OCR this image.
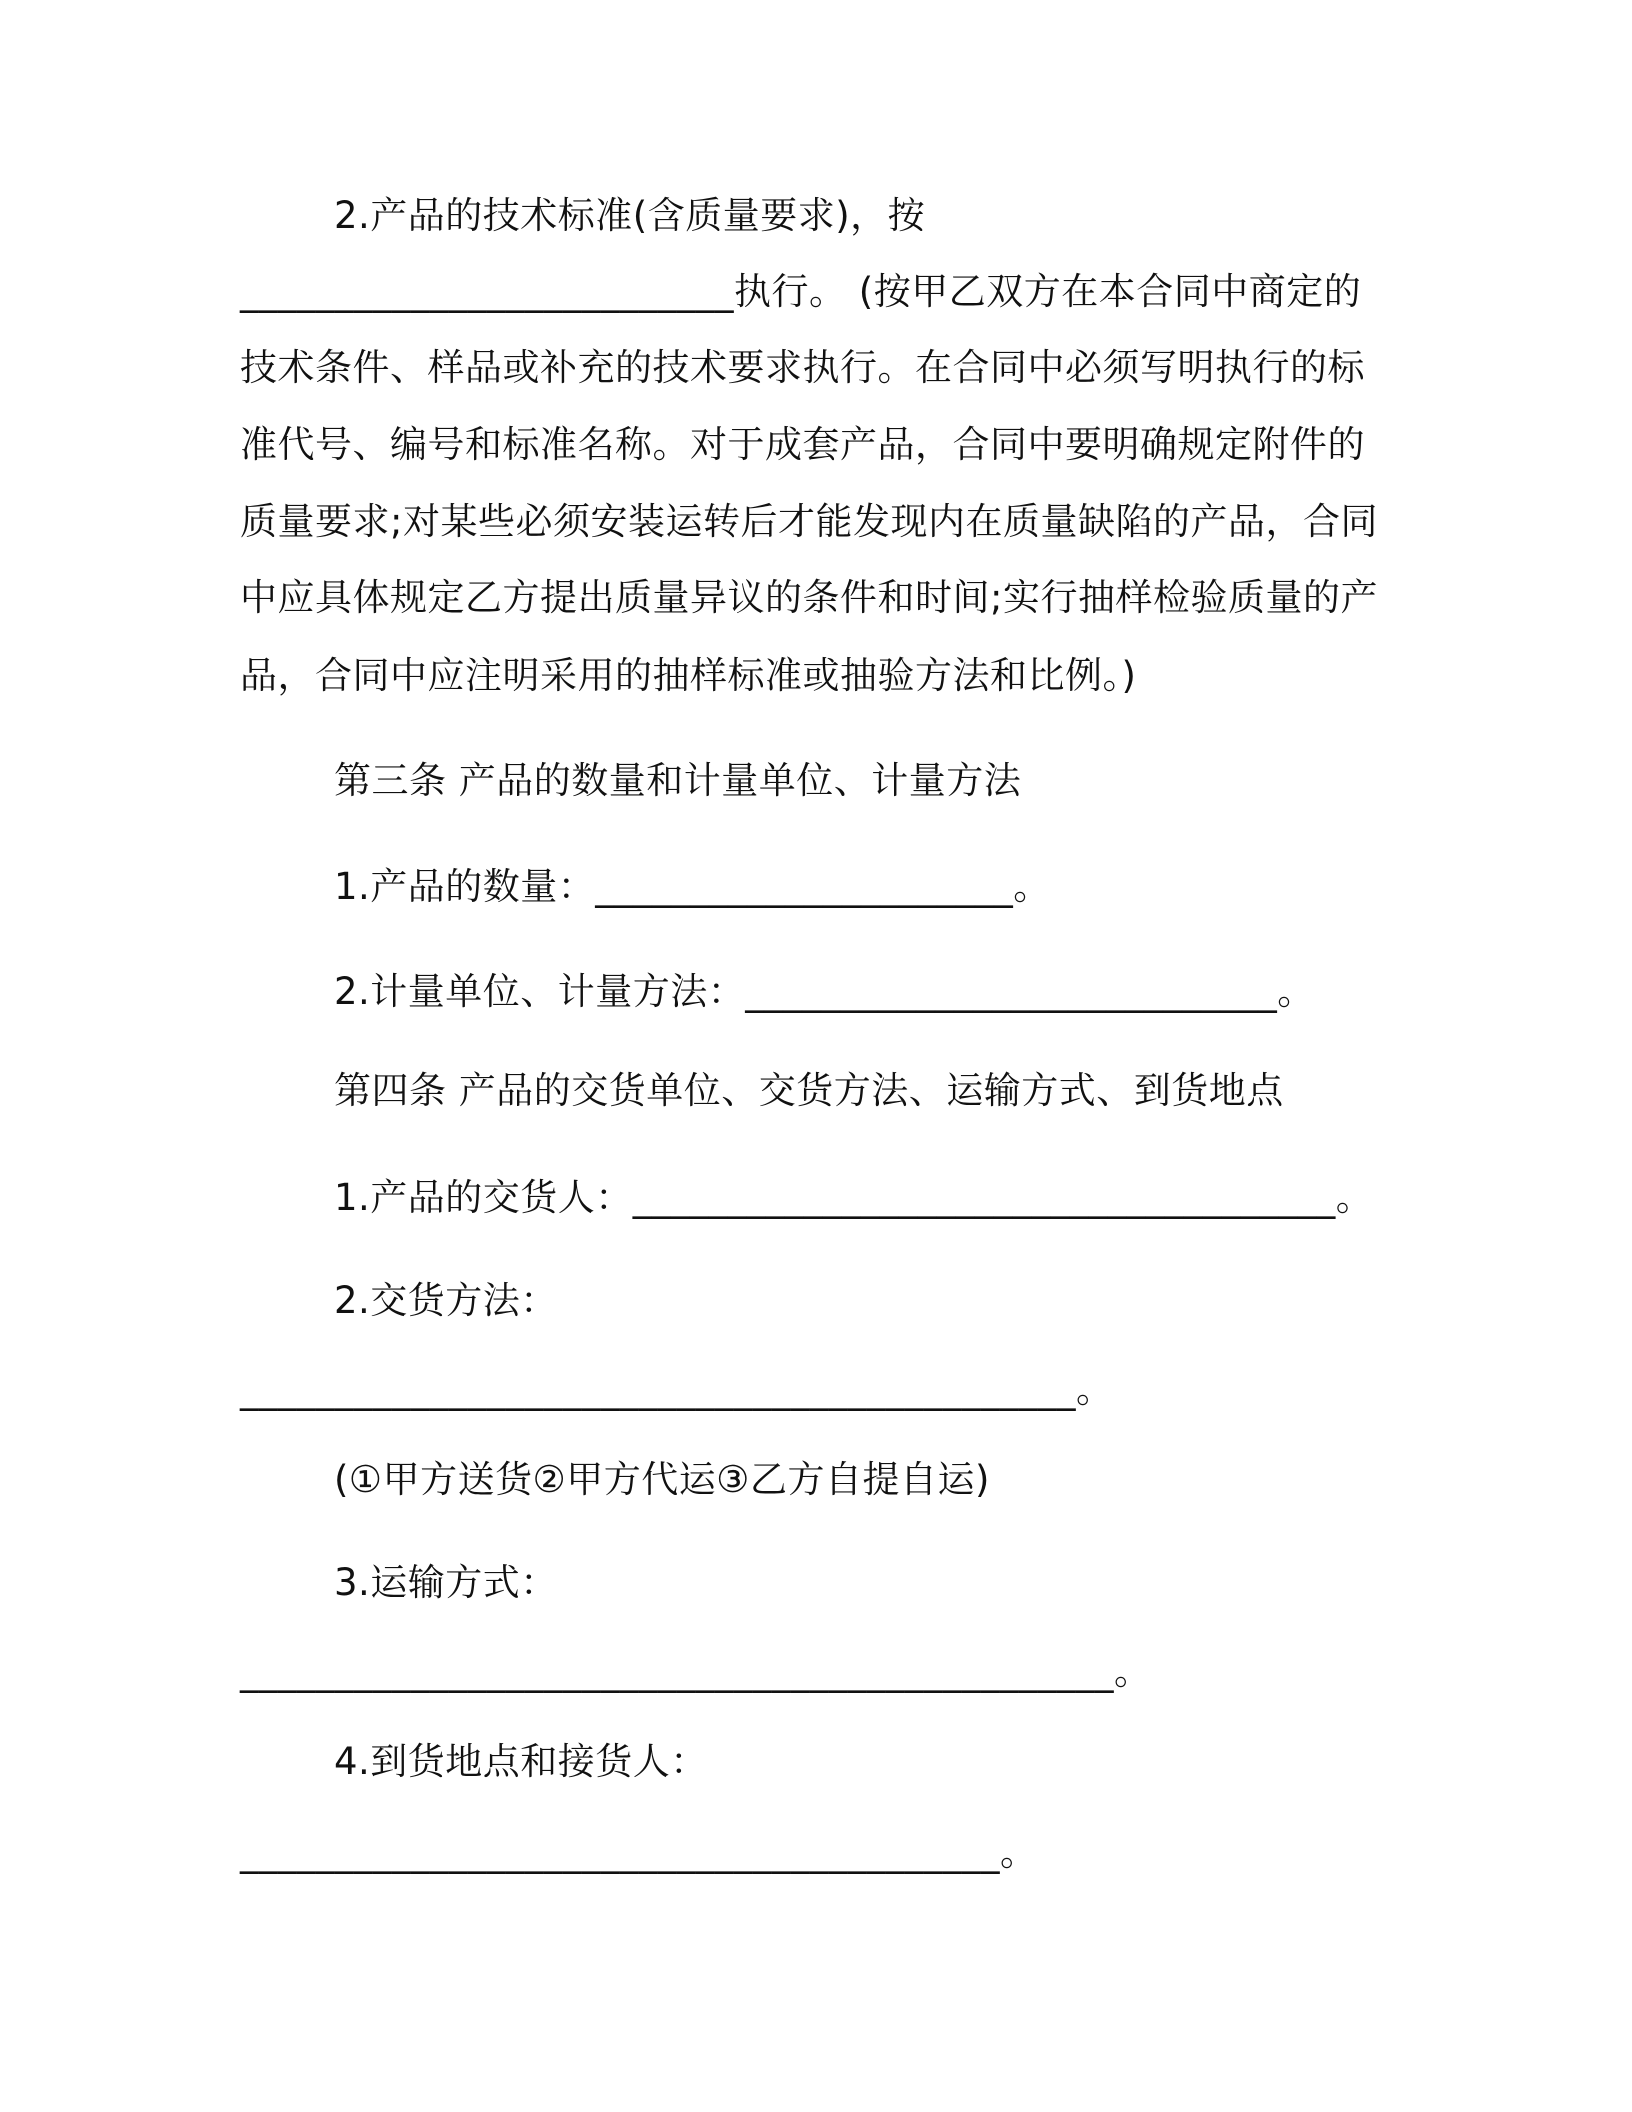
2.产品的技术标准(含质量要求)，按
__________________________执行。 (按甲乙双方在本合同中商定的
技术条件、样品或补充的技术要求执行。在合同中必须写明执行的标
准代号、编号和标准名称。对于成套产品，合同中要明确规定附件的
质量要求;对某些必须安装运转后才能发现内在质量缺陷的产品，合同
中应具体规定乙方提出质量异议的条件和时间;实行抽样检验质量的产
品，合同中应注明采用的抽样标准或抽验方法和比例。)
第三条 产品的数量和计量单位、计量方法
1.产品的数量：______________________。
2.计量单位、计量方法：____________________________。
第四条 产品的交货单位、交货方法、运输方式、到货地点
1.产品的交货人：_____________________________________。
2.交货方法：
____________________________________________。
(①甲方送货②甲方代运③乙方自提自运)
3.运输方式：
______________________________________________。
4.到货地点和接货人：
________________________________________。
